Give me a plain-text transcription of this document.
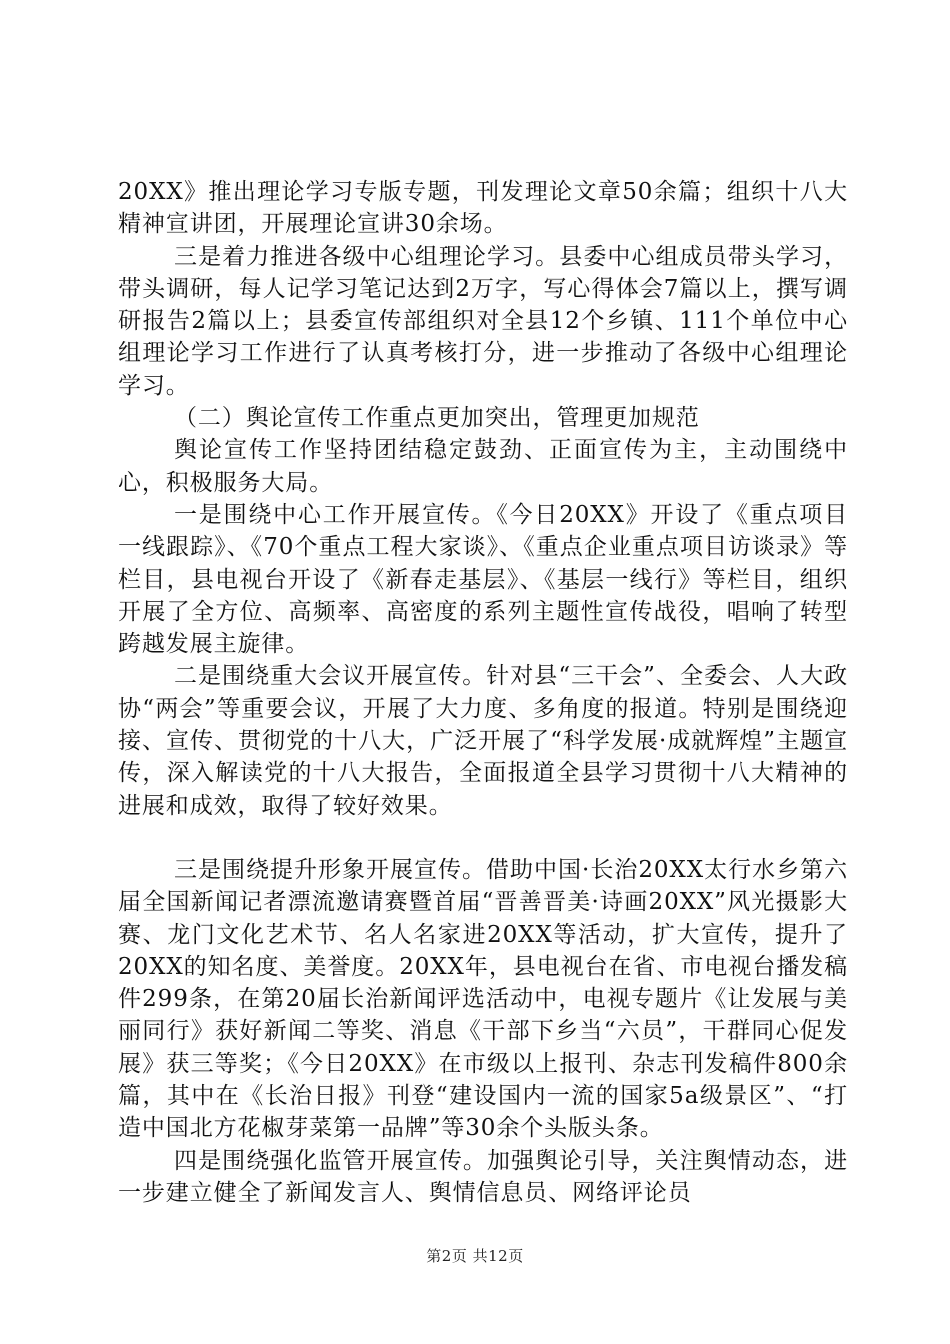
20XX》推出理论学习专版专题，刊发理论文章50余篇；组织十八大精神宣讲团，开展理论宣讲30余场。

三是着力推进各级中心组理论学习。县委中心组成员带头学习，带头调研，每人记学习笔记达到2万字，写心得体会7篇以上，撰写调研报告2篇以上；县委宣传部组织对全县12个乡镇、111个单位中心组理论学习工作进行了认真考核打分，进一步推动了各级中心组理论学习。

（二）舆论宣传工作重点更加突出，管理更加规范

舆论宣传工作坚持团结稳定鼓劲、正面宣传为主，主动围绕中心，积极服务大局。

一是围绕中心工作开展宣传。《今日20XX》开设了《重点项目一线跟踪》、《70个重点工程大家谈》、《重点企业重点项目访谈录》等栏目，县电视台开设了《新春走基层》、《基层一线行》等栏目，组织开展了全方位、高频率、高密度的系列主题性宣传战役，唱响了转型跨越发展主旋律。

二是围绕重大会议开展宣传。针对县“三干会”、全委会、人大政协“两会”等重要会议，开展了大力度、多角度的报道。特别是围绕迎接、宣传、贯彻党的十八大，广泛开展了“科学发展·成就辉煌”主题宣传，深入解读党的十八大报告，全面报道全县学习贯彻十八大精神的进展和成效，取得了较好效果。

三是围绕提升形象开展宣传。借助中国·长治20XX太行水乡第六届全国新闻记者漂流邀请赛暨首届“晋善晋美·诗画20XX”风光摄影大赛、龙门文化艺术节、名人名家进20XX等活动，扩大宣传，提升了20XX的知名度、美誉度。20XX年，县电视台在省、市电视台播发稿件299条，在第20届长治新闻评选活动中，电视专题片《让发展与美丽同行》获好新闻二等奖、消息《干部下乡当“六员”，干群同心促发展》获三等奖；《今日20XX》在市级以上报刊、杂志刊发稿件800余篇，其中在《长治日报》刊登“建设国内一流的国家5a级景区”、“打造中国北方花椒芽菜第一品牌”等30余个头版头条。

四是围绕强化监管开展宣传。加强舆论引导，关注舆情动态，进一步建立健全了新闻发言人、舆情信息员、网络评论员

第2页 共12页
